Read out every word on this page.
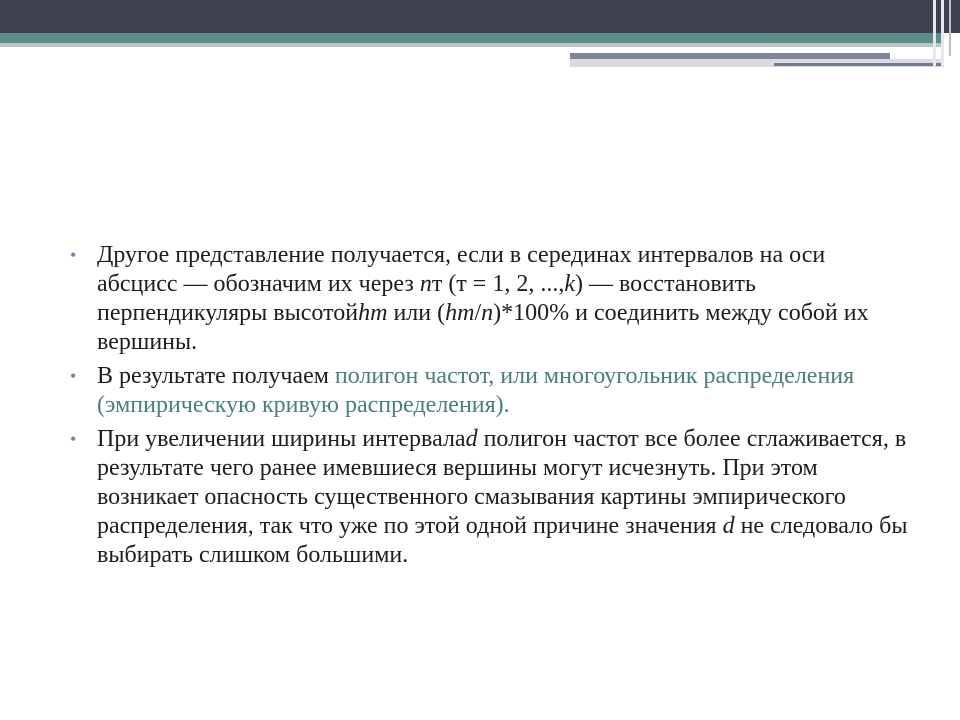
• Другое представление получается, если в серединах интервалов на оси абсцисс — обозначим их через nт (т = 1, 2, ...,k) — восстановить перпендикуляры высотойhm или (hm/n)*100% и соединить между собой их вершины.
• В результате получаем полигон частот, или многоугольник распределения (эмпирическую кривую распределения).
• При увеличении ширины интервалаd полигон частот все более сглаживается, в результате чего ранее имевшиеся вершины могут исчезнуть. При этом возникает опасность существенного смазывания картины эмпирического распределения, так что уже по этой одной причине значения d не следовало бы выбирать слишком большими.
